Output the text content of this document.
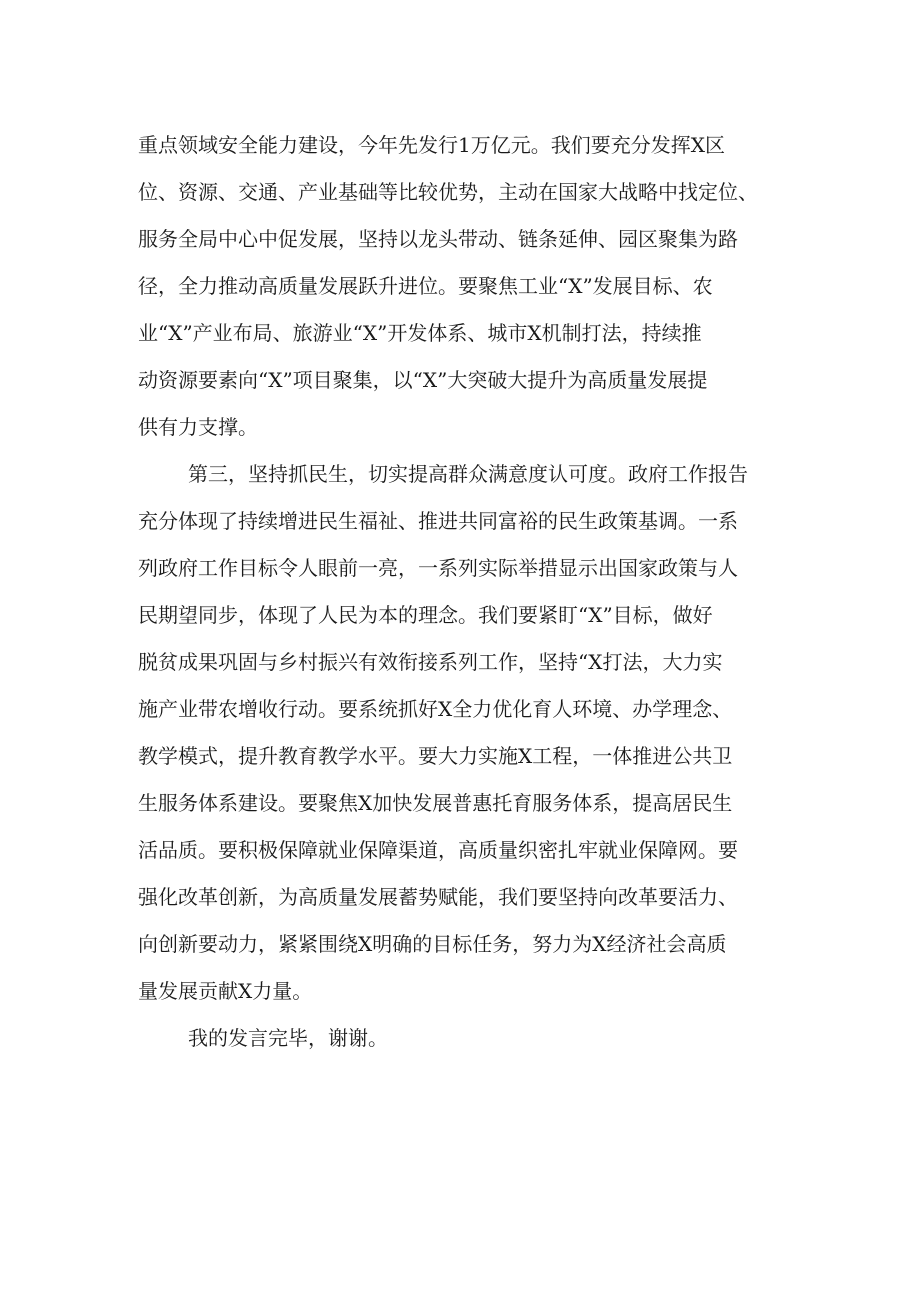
重点领域安全能力建设，今年先发行1万亿元。我们要充分发挥X区
位、资源、交通、产业基础等比较优势，主动在国家大战略中找定位、
服务全局中心中促发展，坚持以龙头带动、链条延伸、园区聚集为路
径，全力推动高质量发展跃升进位。要聚焦工业“X”发展目标、农
业“X”产业布局、旅游业“X”开发体系、城市X机制打法，持续推
动资源要素向“X”项目聚集，以“X”大突破大提升为高质量发展提
供有力支撑。
第三，坚持抓民生，切实提高群众满意度认可度。政府工作报告
充分体现了持续增进民生福祉、推进共同富裕的民生政策基调。一系
列政府工作目标令人眼前一亮，一系列实际举措显示出国家政策与人
民期望同步，体现了人民为本的理念。我们要紧盯“X”目标，做好
脱贫成果巩固与乡村振兴有效衔接系列工作，坚持“X打法，大力实
施产业带农增收行动。要系统抓好X全力优化育人环境、办学理念、
教学模式，提升教育教学水平。要大力实施X工程，一体推进公共卫
生服务体系建设。要聚焦X加快发展普惠托育服务体系，提高居民生
活品质。要积极保障就业保障渠道，高质量织密扎牢就业保障网。要
强化改革创新，为高质量发展蓄势赋能，我们要坚持向改革要活力、
向创新要动力，紧紧围绕X明确的目标任务，努力为X经济社会高质
量发展贡献X力量。
我的发言完毕，谢谢。
